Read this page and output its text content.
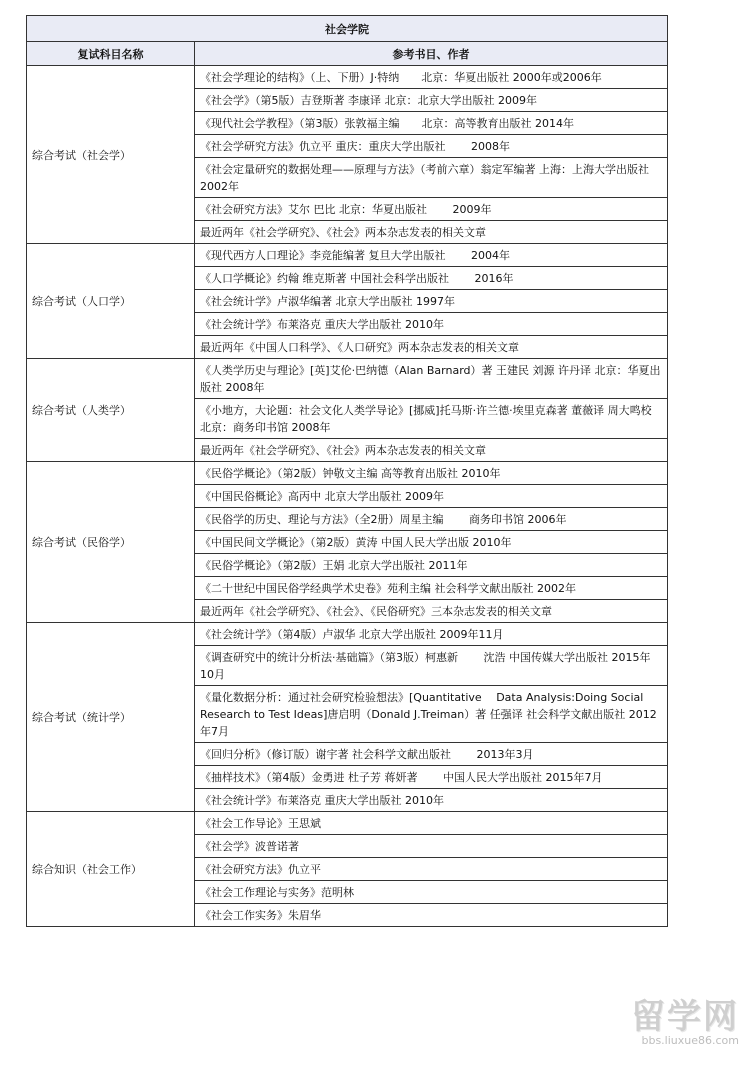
社会学院	
复试科目名称	参考书目、作者
综合考试（社会学）	《社会学理论的结构》（上、下册）J·特纳　　北京：华夏出版社 2000年或2006年
	《社会学》（第5版）吉登斯著 李康译 北京：北京大学出版社 2009年
	《现代社会学教程》（第3版）张敦福主编　　北京：高等教育出版社 2014年
	《社会学研究方法》仇立平 重庆：重庆大学出版社　　 2008年
	《社会定量研究的数据处理——原理与方法》（考前六章）翁定军编著 上海：上海大学出版社 2002年
	《社会研究方法》艾尔 巴比 北京：华夏出版社　　 2009年
	最近两年《社会学研究》、《社会》两本杂志发表的相关文章
综合考试（人口学）	《现代西方人口理论》李竞能编著 复旦大学出版社　　 2004年
	《人口学概论》约翰 维克斯著 中国社会科学出版社　　 2016年
	《社会统计学》卢淑华编著 北京大学出版社 1997年
	《社会统计学》布莱洛克 重庆大学出版社 2010年
	最近两年《中国人口科学》、《人口研究》两本杂志发表的相关文章
综合考试（人类学）	《人类学历史与理论》[英]艾伦·巴纳德（Alan Barnard）著 王建民 刘源 许丹译 北京：华夏出版社 2008年
	《小地方，大论题：社会文化人类学导论》[挪威]托马斯·许兰德·埃里克森著 董薇译 周大鸣校 北京：商务印书馆 2008年
	最近两年《社会学研究》、《社会》两本杂志发表的相关文章
综合考试（民俗学）	《民俗学概论》（第2版）钟敬文主编 高等教育出版社 2010年
	《中国民俗概论》高丙中 北京大学出版社 2009年
	《民俗学的历史、理论与方法》（全2册）周星主编　　 商务印书馆 2006年
	《中国民间文学概论》（第2版）黄涛 中国人民大学出版 2010年
	《民俗学概论》（第2版）王娟 北京大学出版社 2011年
	《二十世纪中国民俗学经典学术史卷》苑利主编 社会科学文献出版社 2002年
	最近两年《社会学研究》、《社会》、《民俗研究》三本杂志发表的相关文章
综合考试（统计学）	《社会统计学》（第4版）卢淑华 北京大学出版社 2009年11月
	《调查研究中的统计分析法·基础篇》（第3版）柯惠新　　 沈浩 中国传媒大学出版社 2015年10月
	《量化数据分析：通过社会研究检验想法》[Quantitative　 Data Analysis:Doing Social Research to Test Ideas]唐启明（Donald J.Treiman）著 任强译 社会科学文献出版社 2012年7月
	《回归分析》（修订版）谢宇著 社会科学文献出版社　　 2013年3月
	《抽样技术》（第4版）金勇进 杜子芳 蒋妍著　　 中国人民大学出版社 2015年7月
	《社会统计学》布莱洛克 重庆大学出版社 2010年
综合知识（社会工作）	《社会工作导论》王思斌
	《社会学》波普诺著
	《社会研究方法》仇立平
	《社会工作理论与实务》范明林
	《社会工作实务》朱眉华
留学网
bbs.liuxue86.com
